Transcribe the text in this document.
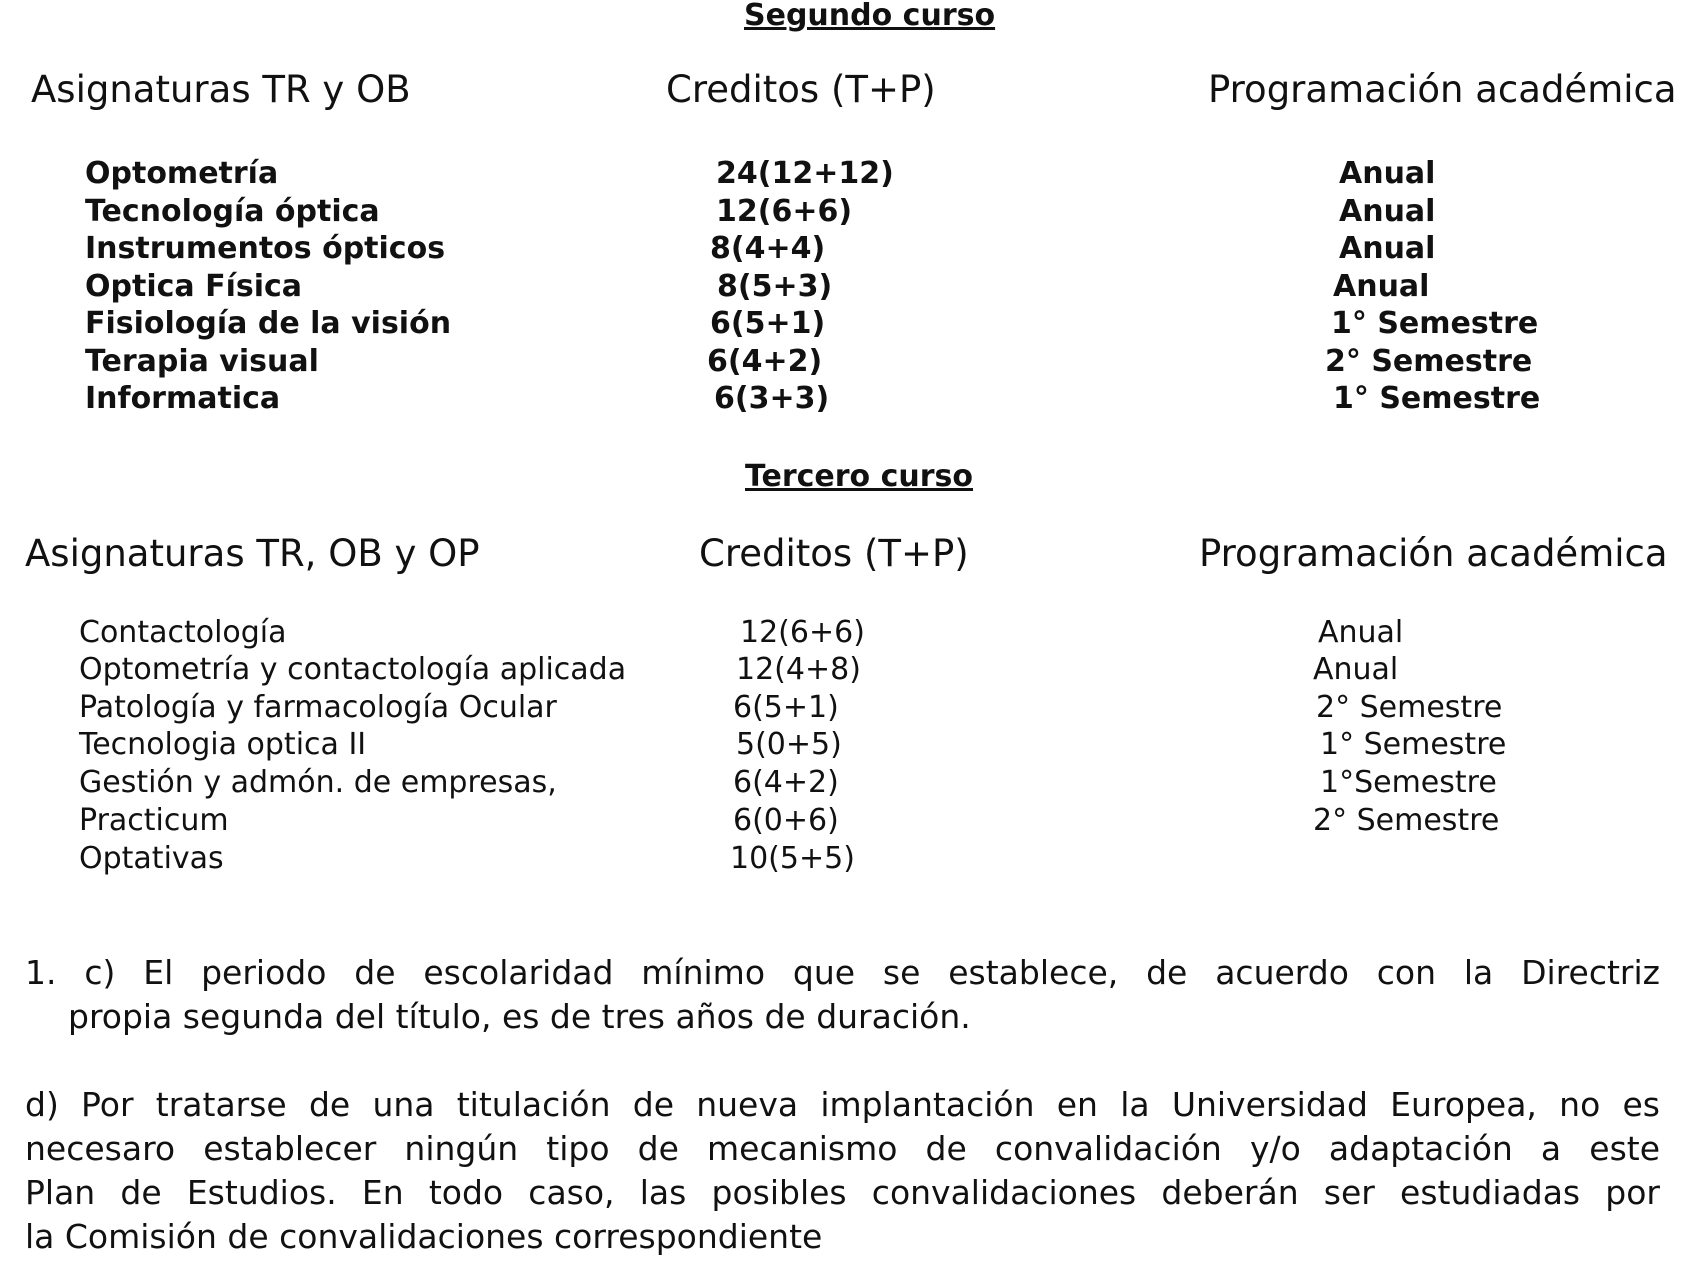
Segundo curso
Asignaturas TR y OB	Creditos (T+P)	Programación académica
Optometría	24(12+12)	Anual
Tecnología óptica	12(6+6)	Anual
Instrumentos ópticos	8(4+4)	Anual
Optica Física	8(5+3)	Anual
Fisiología de la visión	6(5+1)	1° Semestre
Terapia visual	6(4+2)	2° Semestre
Informatica	6(3+3)	1° Semestre
Tercero curso
Asignaturas TR, OB y OP	Creditos (T+P)	Programación académica
Contactología	12(6+6)	Anual
Optometría y contactología aplicada	12(4+8)	Anual
Patología y farmacología Ocular	6(5+1)	2° Semestre
Tecnologia optica II	5(0+5)	1° Semestre
Gestión y admón. de empresas,	6(4+2)	1°Semestre
Practicum	6(0+6)	2° Semestre
Optativas	10(5+5)
1. c) El periodo de escolaridad mínimo que se establece, de acuerdo con la Directriz
propia segunda del título, es de tres años de duración.
d) Por tratarse de una titulación de nueva implantación en la Universidad Europea, no es
necesaro establecer ningún tipo de mecanismo de convalidación y/o adaptación a este
Plan de Estudios. En todo caso, las posibles convalidaciones deberán ser estudiadas por
la Comisión de convalidaciones correspondiente
